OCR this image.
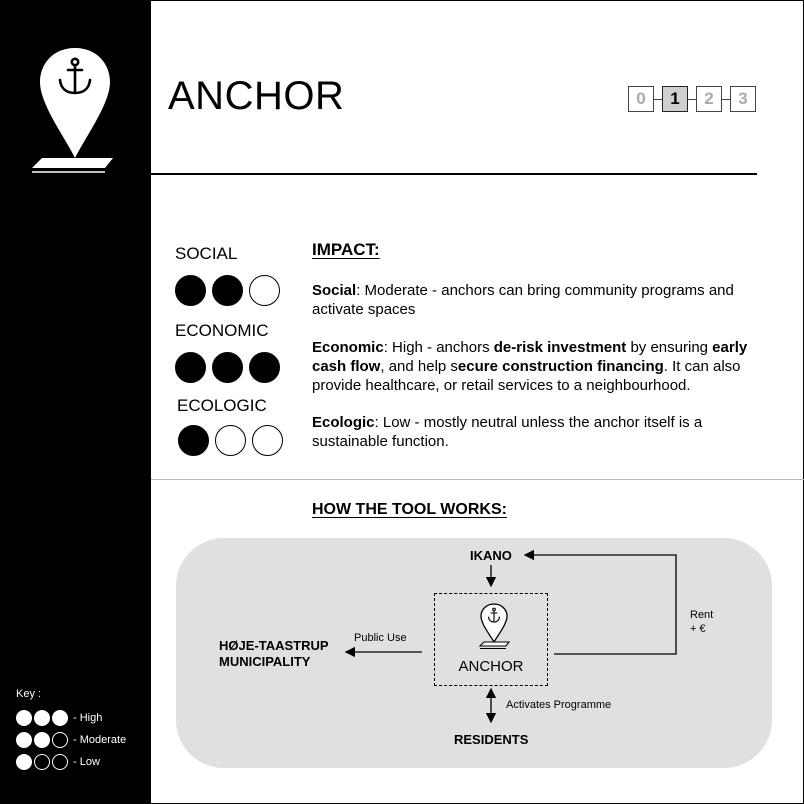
Key :
- High
- Moderate
- Low
ANCHOR	0	1	2	3
SOCIAL
ECONOMIC
ECOLOGIC
IMPACT:
Social: Moderate - anchors can bring community programs and activate spaces
Economic: High - anchors de-risk investment by ensuring early cash flow, and help secure construction financing. It can also provide healthcare, or retail services to a neighbourhood.
Ecologic: Low - mostly neutral unless the anchor itself is a sustainable function.
HOW THE TOOL WORKS:
IKANO
HØJE-TAASTRUP
MUNICIPALITY
RESIDENTS
Public Use
Rent
+ €
Activates Programme
ANCHOR
